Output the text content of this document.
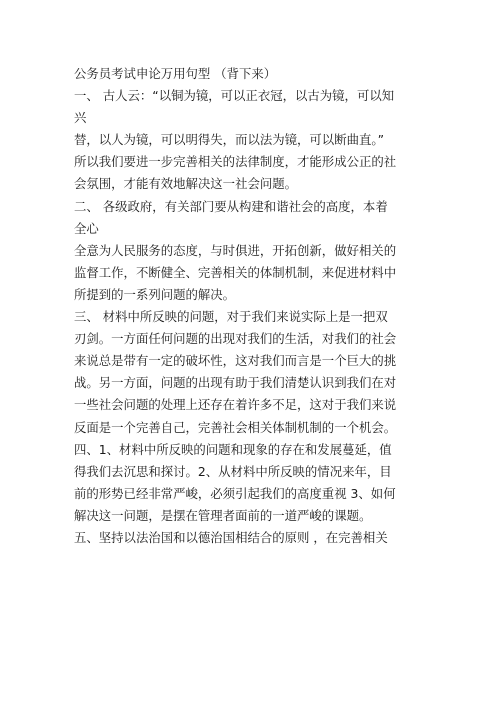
公务员考试申论万用句型 （背下来）
一、 古人云：“以铜为镜，可以正衣冠，以古为镜，可以知
兴
替，以人为镜，可以明得失，而以法为镜，可以断曲直。”
所以我们要进一步完善相关的法律制度，才能形成公正的社
会氛围，才能有效地解决这一社会问题。
二、 各级政府，有关部门要从构建和谐社会的高度，本着
全心
全意为人民服务的态度，与时俱进，开拓创新，做好相关的
监督工作，不断健全、完善相关的体制机制，来促进材料中
所提到的一系列问题的解决。
三、 材料中所反映的问题，对于我们来说实际上是一把双
刃剑。一方面任何问题的出现对我们的生活，对我们的社会
来说总是带有一定的破坏性，这对我们而言是一个巨大的挑
战。另一方面，问题的出现有助于我们清楚认识到我们在对
一些社会问题的处理上还存在着许多不足，这对于我们来说
反面是一个完善自己，完善社会相关体制机制的一个机会。
四、1、材料中所反映的问题和现象的存在和发展蔓延，值
得我们去沉思和探讨。2、从材料中所反映的情况来年，目
前的形势已经非常严峻，必须引起我们的高度重视 3、如何
解决这一问题，是摆在管理者面前的一道严峻的课题。
五、坚持以法治国和以德治国相结合的原则 ，在完善相关
